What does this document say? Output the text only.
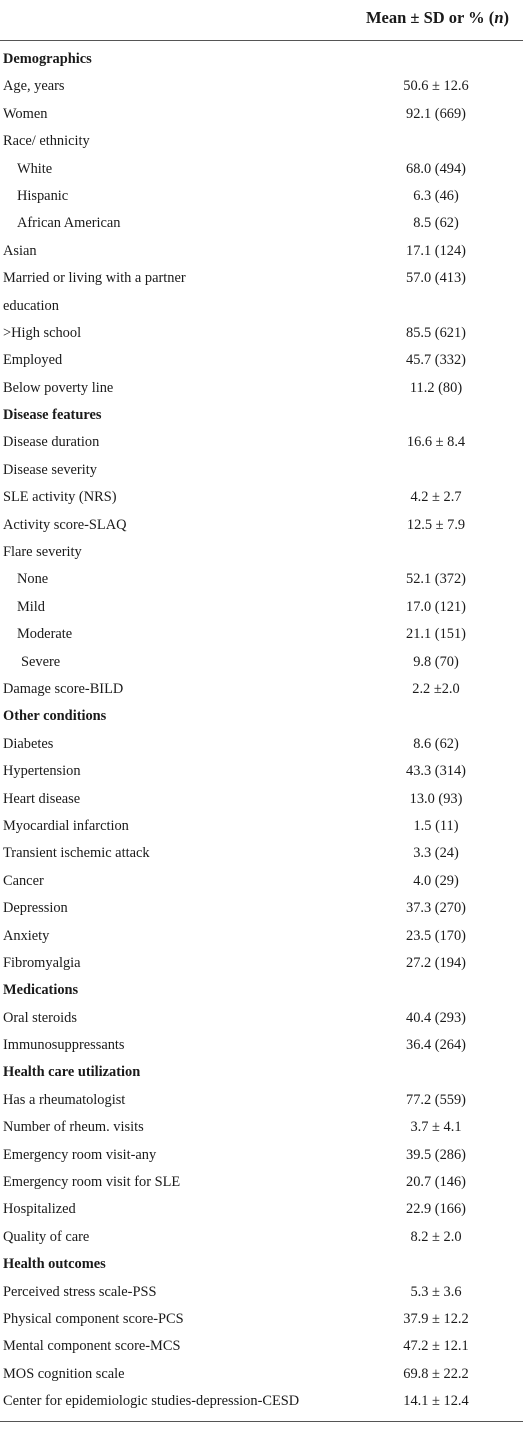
Mean ± SD or % (n)
Demographics
Age, years	50.6 ± 12.6
Women	92.1 (669)
Race/ ethnicity
White	68.0 (494)
Hispanic	6.3 (46)
African American	8.5 (62)
Asian	17.1 (124)
Married or living with a partner	57.0 (413)
education
>High school	85.5 (621)
Employed	45.7 (332)
Below poverty line	11.2 (80)
Disease features
Disease duration	16.6 ± 8.4
Disease severity
SLE activity (NRS)	4.2 ± 2.7
Activity score-SLAQ	12.5 ± 7.9
Flare severity
None	52.1 (372)
Mild	17.0 (121)
Moderate	21.1 (151)
Severe	9.8 (70)
Damage score-BILD	2.2 ±2.0
Other conditions
Diabetes	8.6 (62)
Hypertension	43.3 (314)
Heart disease	13.0 (93)
Myocardial infarction	1.5 (11)
Transient ischemic attack	3.3 (24)
Cancer	4.0 (29)
Depression	37.3 (270)
Anxiety	23.5 (170)
Fibromyalgia	27.2 (194)
Medications
Oral steroids	40.4 (293)
Immunosuppressants	36.4 (264)
Health care utilization
Has a rheumatologist	77.2 (559)
Number of rheum. visits	3.7 ± 4.1
Emergency room visit-any	39.5 (286)
Emergency room visit for SLE	20.7 (146)
Hospitalized	22.9 (166)
Quality of care	8.2 ± 2.0
Health outcomes
Perceived stress scale-PSS	5.3 ± 3.6
Physical component score-PCS	37.9 ± 12.2
Mental component score-MCS	47.2 ± 12.1
MOS cognition scale	69.8 ± 22.2
Center for epidemiologic studies-depression-CESD	14.1 ± 12.4
